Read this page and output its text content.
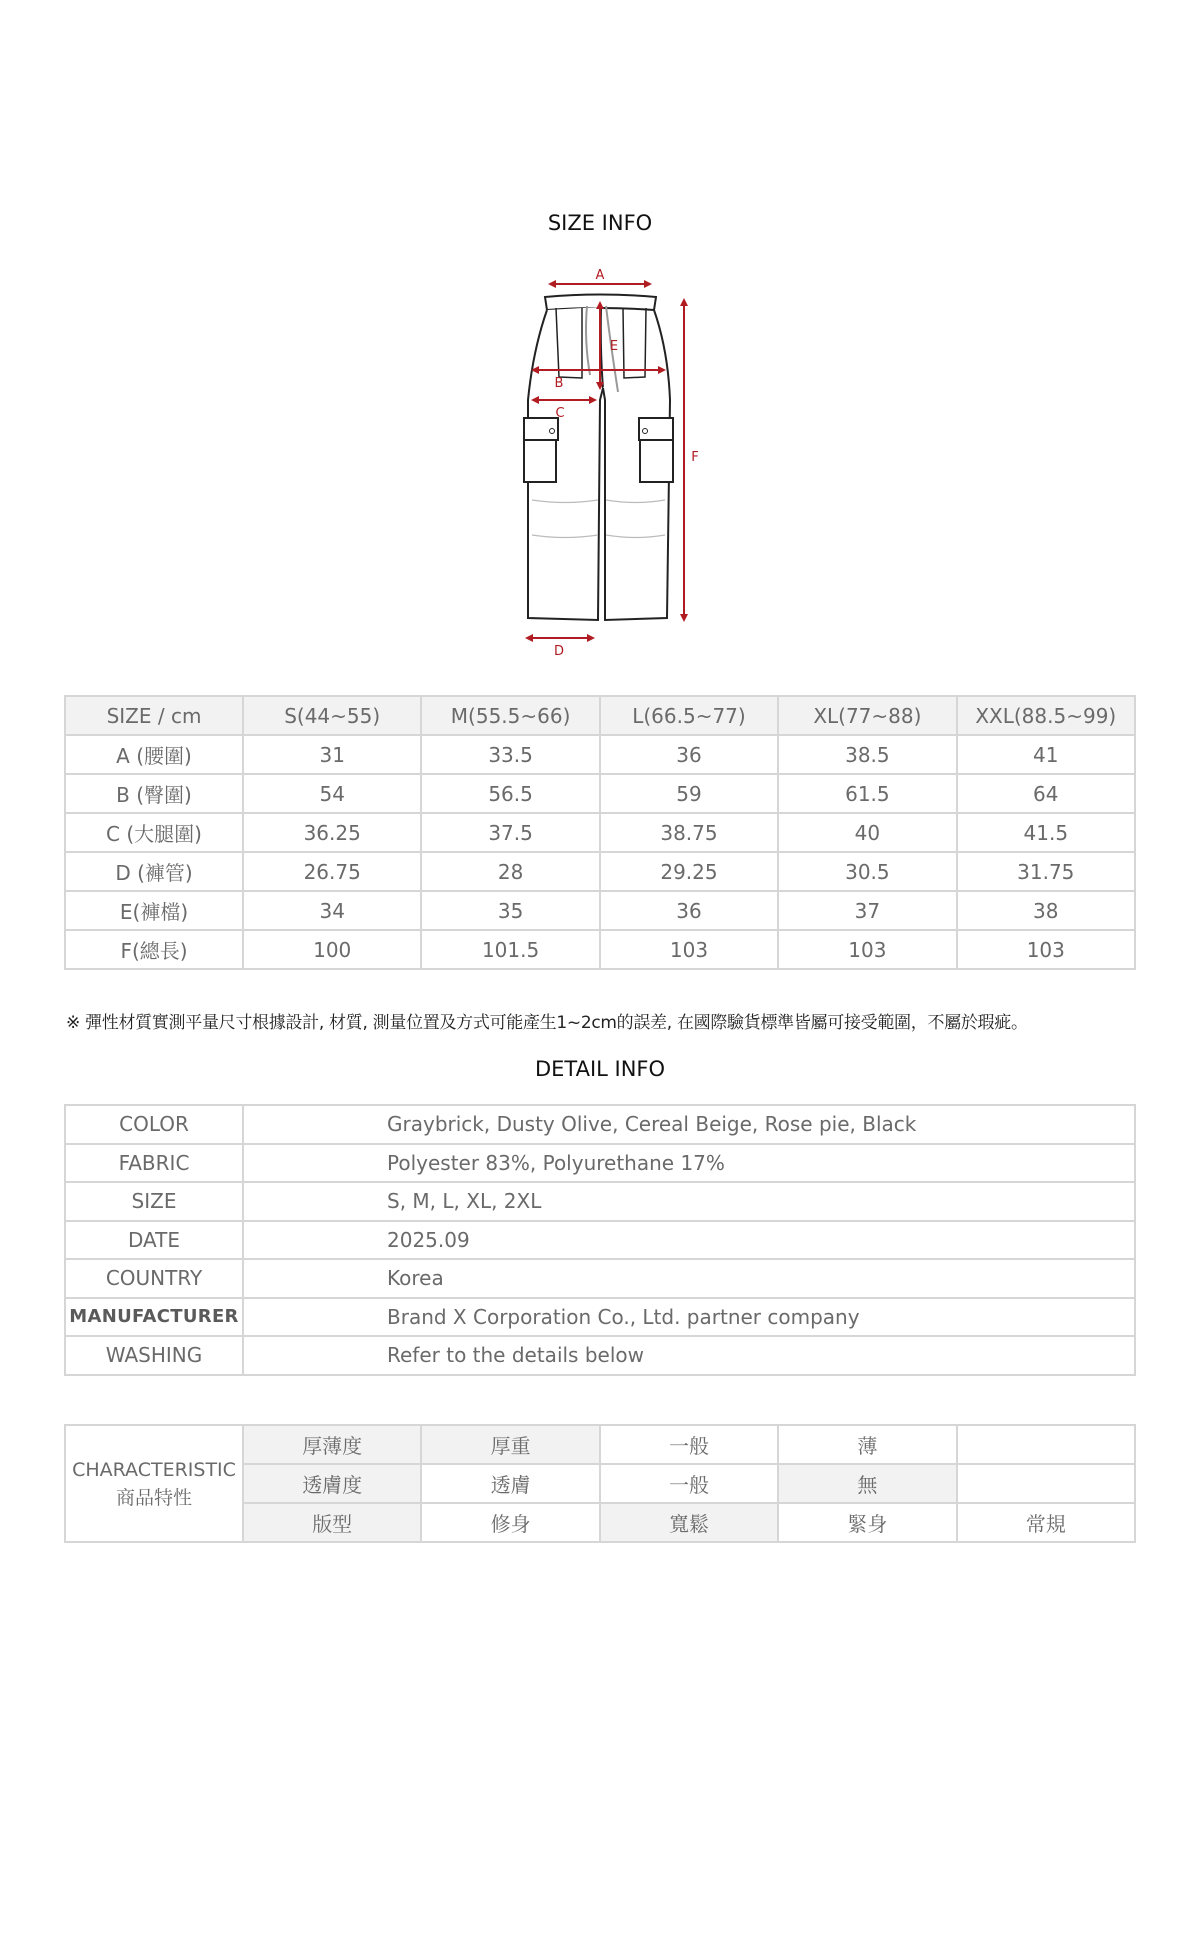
SIZE INFO
A
B
C
D
E
F
SIZE / cm	S(44~55)	M(55.5~66)	L(66.5~77)	XL(77~88)	XXL(88.5~99)
A (腰圍)	31	33.5	36	38.5	41
B (臀圍)	54	56.5	59	61.5	64
C (大腿圍)	36.25	37.5	38.75	40	41.5
D (褲管)	26.75	28	29.25	30.5	31.75
E(褲檔)	34	35	36	37	38
F(總長)	100	101.5	103	103	103
※ 彈性材質實測平量尺寸根據設計, 材質, 測量位置及方式可能產生1~2cm的誤差, 在國際驗貨標準皆屬可接受範圍，不屬於瑕疵。
DETAIL INFO
COLOR	Graybrick, Dusty Olive, Cereal Beige, Rose pie, Black
FABRIC	Polyester 83%, Polyurethane 17%
SIZE	S, M, L, XL, 2XL
DATE	2025.09
COUNTRY	Korea
MANUFACTURER	Brand X Corporation Co., Ltd. partner company
WASHING	Refer to the details below
CHARACTERISTIC
商品特性	厚薄度	厚重	一般	薄	
	透膚度	透膚	一般	無	
	版型	修身	寬鬆	緊身	常規
